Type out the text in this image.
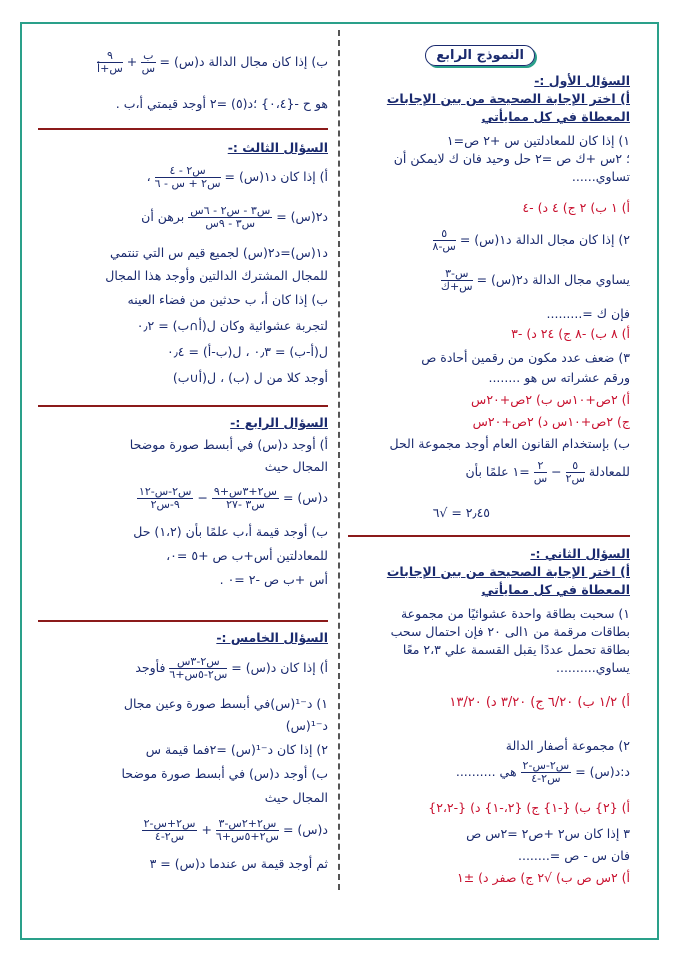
النموذج الرابع
السؤال الأول :-
أ) اختر الإجابة الصحيحة من بين الإجابات
المعطاة في كل ممايأتي
١) إذا كان للمعادلتين س +٢ ص=١
؛ ٢س +ك ص =٢ حل وحيد فان ك لايمكن أن
تساوي......
أ) ١ ب) ٢ ج) ٤ د) -٤
٢) إذا كان مجال الدالة د١(س) =
$\frac{٥}{\text{س-٨}}$
يساوي مجال الدالة د٢(س) =
$\frac{\text{س-٣}}{\text{س+ك}}$
فإن ك =.........
أ) ٨ ب) -٨ ج) ٢٤ د) -٣
٣) ضعف عدد مكون من رقمين أحادة ص
ورقم عشراته س هو ........
أ) ٢ص+١٠س ب) ٢ص+٢٠س
ج) ٢ص+١٠س د) ٢ص+٢٠س
ب) بإستخدام القانون العام أوجد مجموعة الحل
للمعادلة
$\frac{٥}{\text{س٢}}$
−
$\frac{٢}{\text{س}}$
=١ علمًا بأن
٢٫٤٥ = √٦
السؤال الثاني :-
أ) اختر الإجابة الصحيحة من بين الإجابات
المعطاة في كل ممايأتي
١) سحبت بطاقة واحدة عشوائيًا من مجموعة
بطاقات مرقمة من ١الى ٢٠ فإن احتمال سحب
بطاقة تحمل عددًا يقبل القسمة علي ٢،٣ معًا
يساوي..........
أ) ١/٢ ب) ٦/٢٠ ج) ٣/٢٠ د) ١٣/٢٠
٢) مجموعة أصفار الدالة
د:د(س) =
$\frac{\text{س٢-س-٢}}{\text{س٢-٤}}$
هي ..........
أ) {٢} ب) {-١} ج) {٢،-١} د) {-٢،٢}
٣ إذا كان س٢ +ص٢ =٢س ص
فان س - ص =........
أ) ٢س ص ب) √٢ ج) صفر د) ±١
ب) إذا كان مجال الدالة د(س) =
$\frac{\text{ب}}{\text{س}}$
+
$\frac{٩}{\text{س+أ}}$
هو ح -{٠،٤} ؛د(٥) =٢ أوجد قيمتي أ،ب .
السؤال الثالث :-
أ) إذا كان د١(س) =
$\frac{\text{س٢ - ٤}}{\text{س٢ + س - ٦}}$
،
د٢(س) =
$\frac{\text{س٣ - س٢ - ٦س}}{\text{س٣ - ٩س}}$
برهن أن
د١(س)=د٢(س) لجميع قيم س التي تنتمي
للمجال المشترك الدالتين وأوجد هذا المجال
ب) إذا كان أ، ب حدثين من فضاء العينه
لتجربة عشوائية وكان ل(أ∩ب) = ٠٫٢
ل(أ-ب) = ٠٫٣ ، ل(ب-أ) = ٠٫٤
أوجد كلا من ل (ب) ، ل(أ∪ب)
السؤال الرابع :-
أ) أوجد د(س) في أبسط صورة موضحا
المجال حيث
د(س) =
$\frac{\text{س٢+٣س+٩}}{\text{س٣ -٢٧}}$
−
$\frac{\text{س٢-س-١٢}}{\text{٩-س٢}}$
ب) أوجد قيمة أ،ب علمًا بأن (١،٢) حل
للمعادلتين أس+ب ص +٥ =٠،
أس +ب ص -٢ =٠ .
السؤال الخامس :-
أ) إذا كان د(س) =
$\frac{\text{س٢-٣س}}{\text{س٢-٥س+٦}}$
فأوجد
١) د⁻¹(س)في أبسط صورة وعين مجال
د⁻¹(س)
٢) إذا كان د⁻¹(س) =٢فما قيمة س
ب) أوجد د(س) في أبسط صورة موضحا
المجال حيث
د(س) =
$\frac{\text{س٢+٢س-٣}}{\text{س٢+٥س+٦}}$
+
$\frac{\text{س٢+س-٢}}{\text{س٢-٤}}$
ثم أوجد قيمة س عندما د(س) = ٣
